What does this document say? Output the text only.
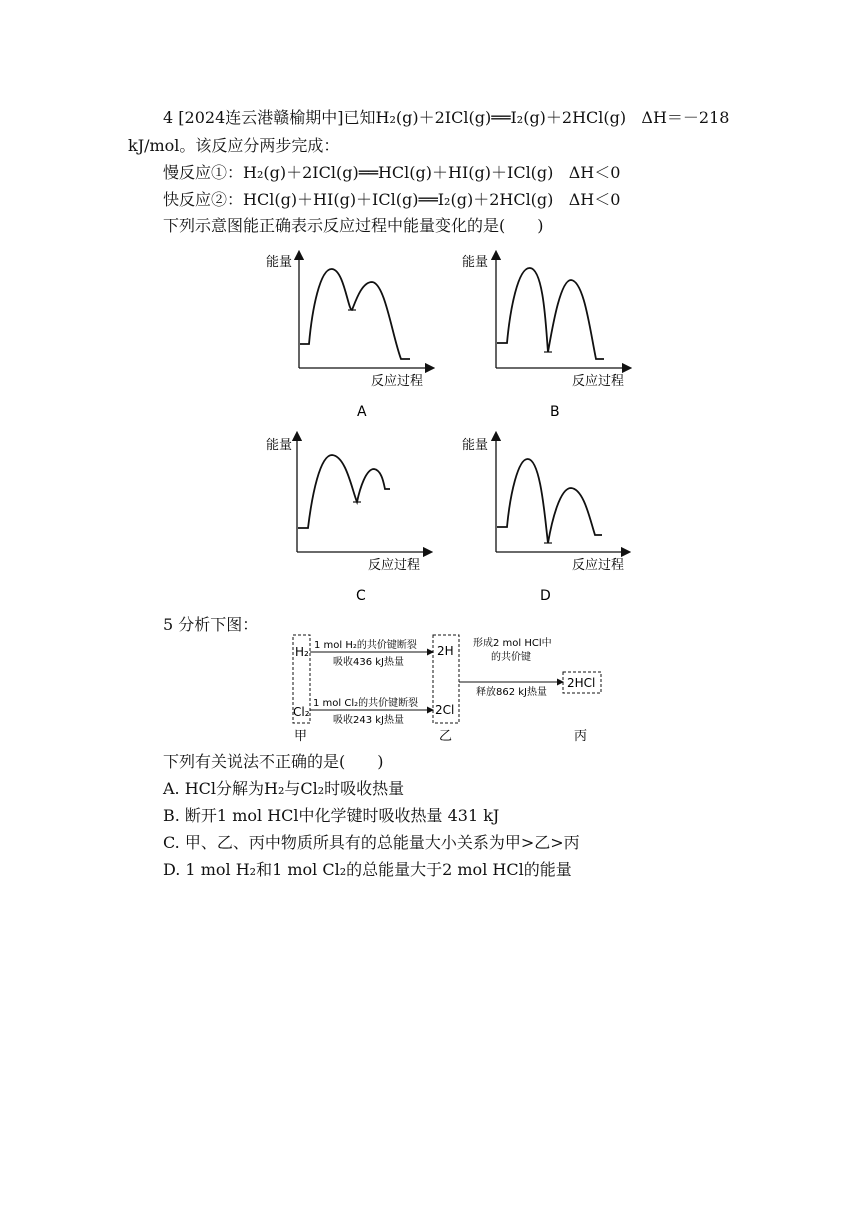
4 [2024连云港赣榆期中]已知H₂(g)＋2ICl(g)══I₂(g)＋2HCl(g) ΔH＝－218
kJ/mol。该反应分两步完成：
慢反应①：H₂(g)＋2ICl(g)══HCl(g)＋HI(g)＋ICl(g) ΔH＜0
快反应②：HCl(g)＋HI(g)＋ICl(g)══I₂(g)＋2HCl(g) ΔH＜0
下列示意图能正确表示反应过程中能量变化的是(　　)
能量
反应过程
A
能量
反应过程
B
能量
反应过程
C
能量
反应过程
D
5 分析下图：
H₂
Cl₂
1 mol H₂的共价键断裂
吸收436 kJ热量
1 mol Cl₂的共价键断裂
吸收243 kJ热量
2H
2Cl
形成2 mol HCl中
的共价键
释放862 kJ热量
2HCl
甲	乙	丙
下列有关说法不正确的是(　　)
A. HCl分解为H₂与Cl₂时吸收热量
B. 断开1 mol HCl中化学键时吸收热量 431 kJ
C. 甲、乙、丙中物质所具有的总能量大小关系为甲>乙>丙
D. 1 mol H₂和1 mol Cl₂的总能量大于2 mol HCl的能量
